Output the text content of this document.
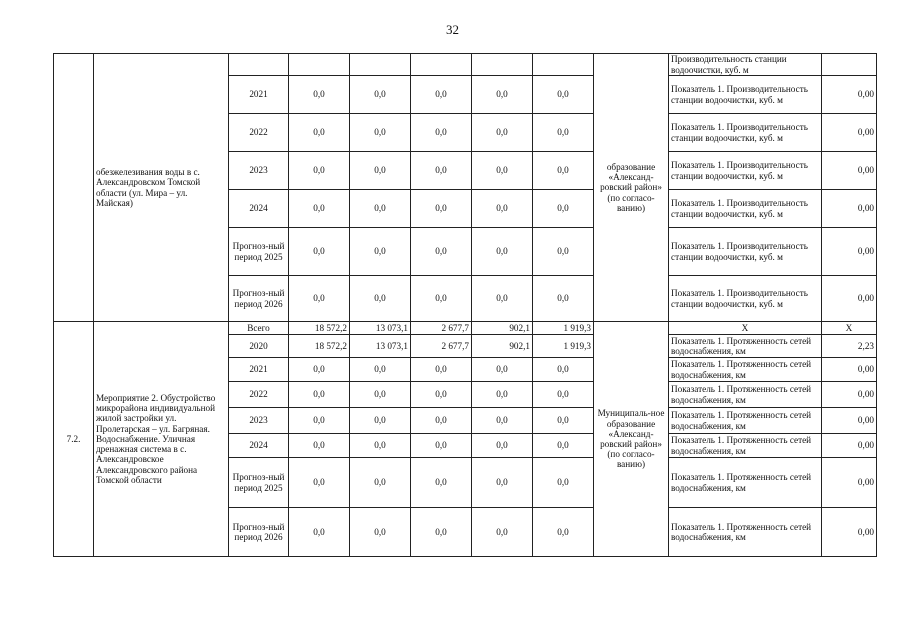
32
	обезжелезивания воды в с. Александровском Томской области (ул. Мира – ул. Майская)							образование «Александ-ровский район» (по согласо-ванию)	Производительность станции водоочистки, куб. м	
		2021	0,0	0,0	0,0	0,0	0,0		Показатель 1. Производительность станции водоочистки, куб. м	0,00
		2022	0,0	0,0	0,0	0,0	0,0		Показатель 1. Производительность станции водоочистки, куб. м	0,00
		2023	0,0	0,0	0,0	0,0	0,0		Показатель 1. Производительность станции водоочистки, куб. м	0,00
		2024	0,0	0,0	0,0	0,0	0,0		Показатель 1. Производительность станции водоочистки, куб. м	0,00
		Прогноз-ный период 2025	0,0	0,0	0,0	0,0	0,0		Показатель 1. Производительность станции водоочистки, куб. м	0,00
		Прогноз-ный период 2026	0,0	0,0	0,0	0,0	0,0		Показатель 1. Производительность станции водоочистки, куб. м	0,00
7.2.	Мероприятие 2. Обустройство микрорайона индивидуальной жилой застройки ул. Пролетарская – ул. Багряная. Водоснабжение. Уличная дренажная система в с. Александровское Александровского района Томской области	Всего	18 572,2	13 073,1	2 677,7	902,1	1 919,3	Муниципаль-ное образование «Александ-ровский район» (по согласо-ванию)	Х	Х
		2020	18 572,2	13 073,1	2 677,7	902,1	1 919,3		Показатель 1. Протяженность сетей водоснабжения, км	2,23
		2021	0,0	0,0	0,0	0,0	0,0		Показатель 1. Протяженность сетей водоснабжения, км	0,00
		2022	0,0	0,0	0,0	0,0	0,0		Показатель 1. Протяженность сетей водоснабжения, км	0,00
		2023	0,0	0,0	0,0	0,0	0,0		Показатель 1. Протяженность сетей водоснабжения, км	0,00
		2024	0,0	0,0	0,0	0,0	0,0		Показатель 1. Протяженность сетей водоснабжения, км	0,00
		Прогноз-ный период 2025	0,0	0,0	0,0	0,0	0,0		Показатель 1. Протяженность сетей водоснабжения, км	0,00
		Прогноз-ный период 2026	0,0	0,0	0,0	0,0	0,0		Показатель 1. Протяженность сетей водоснабжения, км	0,00
